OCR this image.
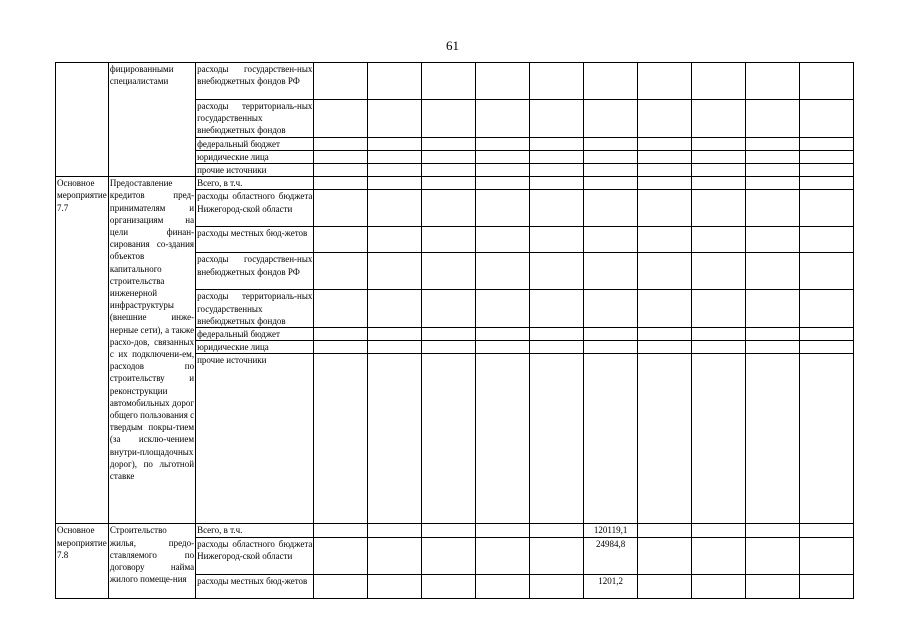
61
	фицированными специалистами	расходы государствен-ных внебюджетных фондов РФ										
		расходы территориаль-ных государственных внебюджетных фондов										
		федеральный бюджет										
		юридические лица										
		прочие источники										
Основное мероприятие 7.7	Предоставление кредитов пред-принимателям и организациям на цели финан-сирования со-здания объектов капитального строительства инженерной инфраструктуры (внешние инже-нерные сети), а также расхо-дов, связанных с их подключени-ем, расходов по строительству и реконструкции автомобильных дорог общего пользования с твердым покры-тием (за исклю-чением внутри-площадочных дорог), по льготной ставке	Всего, в т.ч.										
		расходы областного бюджета Нижегород-ской области										
		расходы местных бюд-жетов										
		расходы государствен-ных внебюджетных фондов РФ										
		расходы территориаль-ных государственных внебюджетных фондов										
		федеральный бюджет										
		юридические лица										
		прочие источники										
Основное мероприятие 7.8	Строительство жилья, предо-ставляемого по договору найма жилого помеще-ния	Всего, в т.ч.						120119,1				
		расходы областного бюджета Нижегород-ской области						24984,8				
		расходы местных бюд-жетов						1201,2				
